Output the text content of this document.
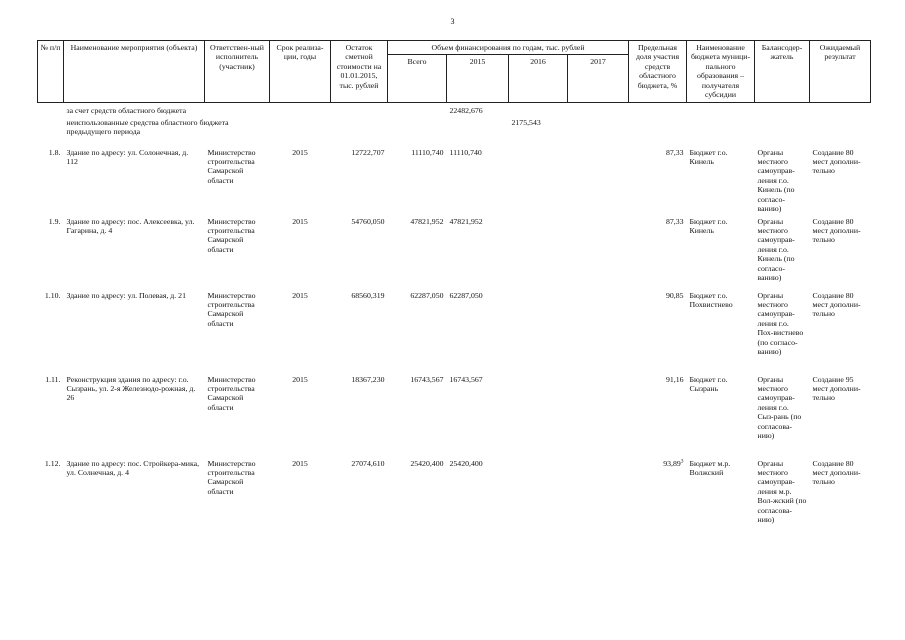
3
№ п/п	Наименование мероприятия (объекта)	Ответствен-ный исполнитель (участник)	Срок реализа-ции, годы	Остаток сметной стоимости на 01.01.2015, тыс. рублей	Объем финансирования по годам, тыс. рублей				Предельная доля участия средств областного бюджета, %	Наименование бюджета муници-пального образования – получателя субсидии	Балансодер-жатель	Ожидаемый результат
					Всего	2015	2016	2017				
	за счет средств областного бюджета					22482,676						
	неиспользованные средства областного бюджета предыдущего периода						2175,543					
1.8.	Здание по адресу: ул. Солонечная, д. 112	Министерство строительства Самарской области	2015	12722,707	11110,740	11110,740			87,33	Бюджет г.о. Кинель	Органы местного самоуправ-ления г.о. Кинель (по согласо-ванию)	Создание 80 мест дополни-тельно
1.9.	Здание по адресу: пос. Алексеевка, ул. Гагарина, д. 4	Министерство строительства Самарской области	2015	54760,050	47821,952	47821,952			87,33	Бюджет г.о. Кинель	Органы местного самоуправ-ления г.о. Кинель (по согласо-ванию)	Создание 80 мест дополни-тельно
1.10.	Здание по адресу: ул. Полевая, д. 21	Министерство строительства Самарской области	2015	68560,319	62287,050	62287,050			90,85	Бюджет г.о. Похвистнево	Органы местного самоуправ-ления г.о. Пох-вистнево (по согласо-ванию)	Создание 80 мест дополни-тельно
1.11.	Реконструкция здания по адресу: г.о. Сызрань, ул. 2-я Железнодо-рожная, д. 26	Министерство строительства Самарской области	2015	18367,230	16743,567	16743,567			91,16	Бюджет г.о. Сызрань	Органы местного самоуправ-ления г.о. Сыз-рань (по согласова-нию)	Создание 95 мест дополни-тельно
1.12.	Здание по адресу: пос. Стройкера-мика, ул. Солнечная, д. 4	Министерство строительства Самарской области	2015	27074,610	25420,400	25420,400			93,89$^3$	Бюджет м.р. Волжский	Органы местного самоуправ-ления м.р. Вол-жский (по согласова-нию)	Создание 80 мест дополни-тельно
